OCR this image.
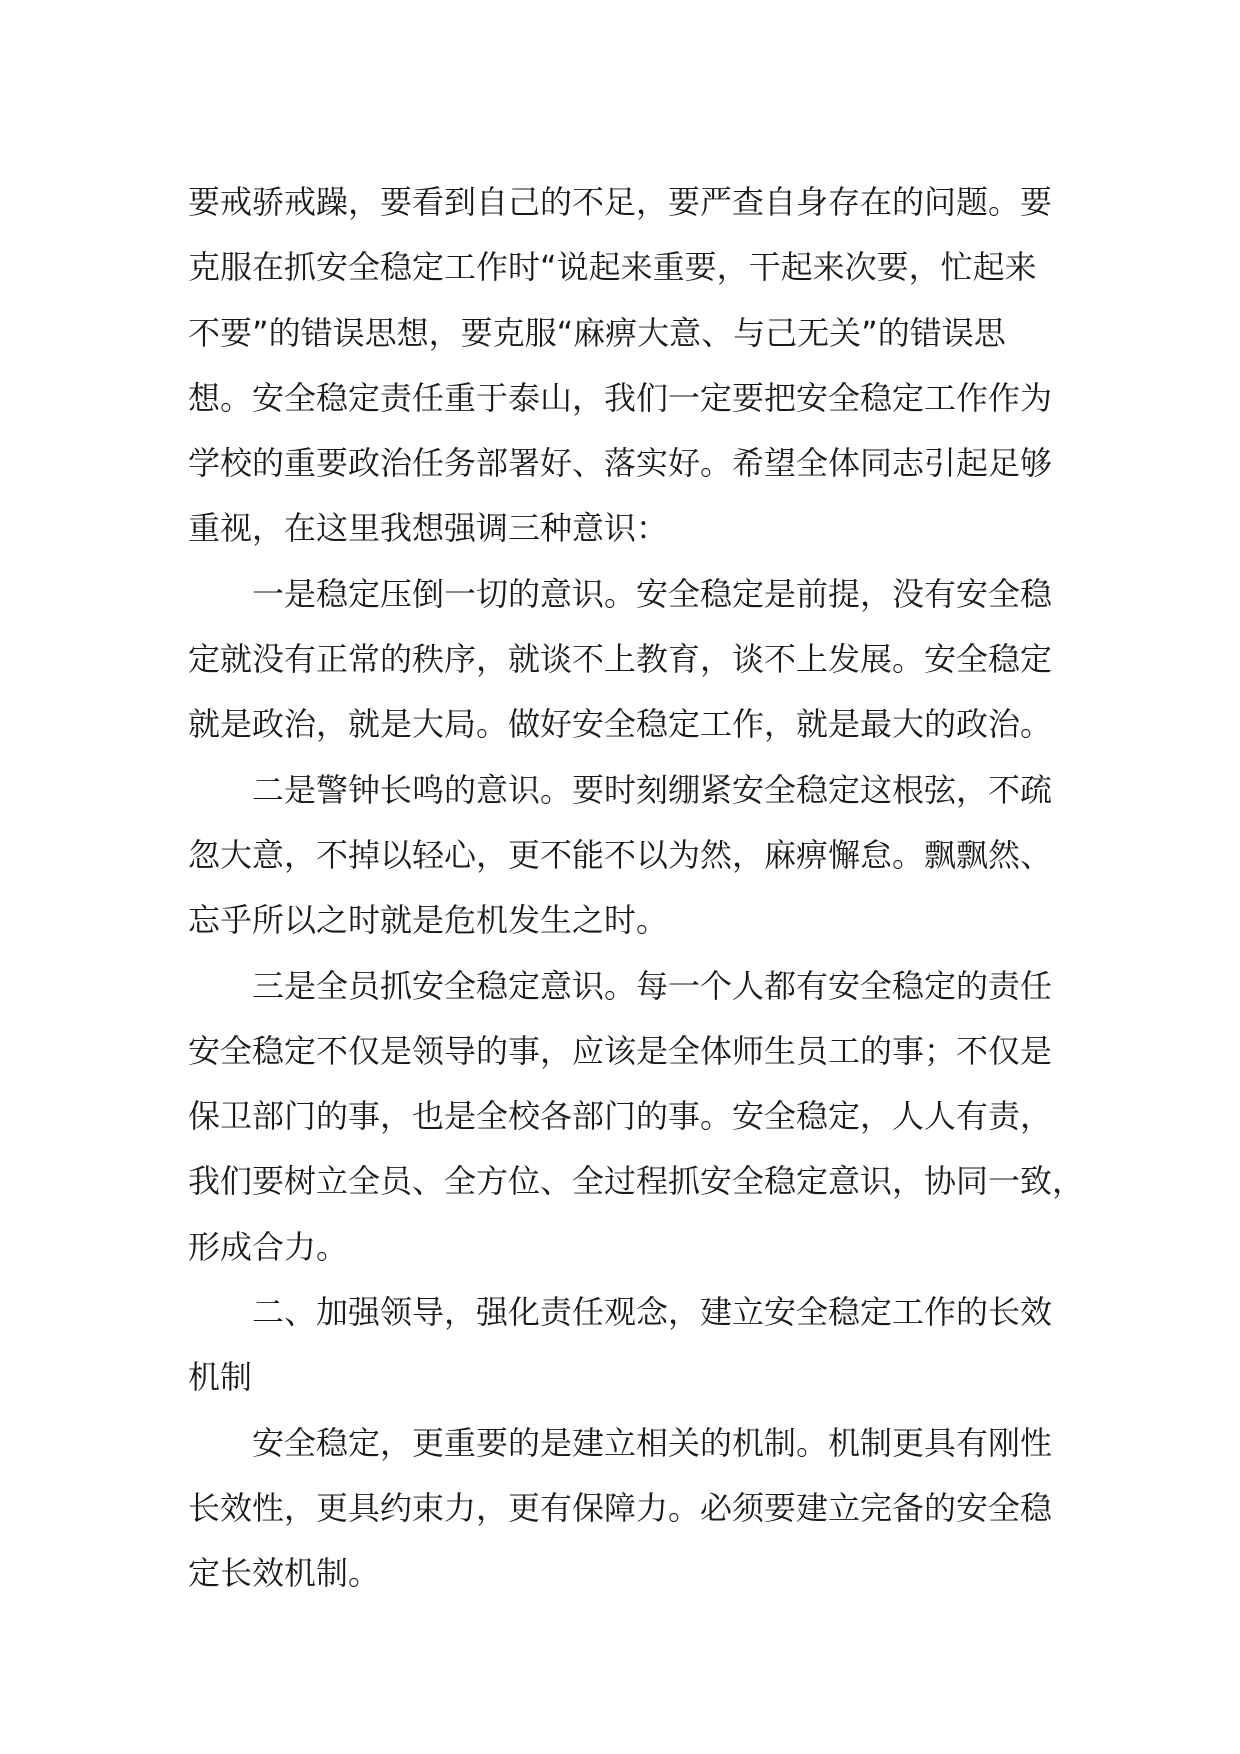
要戒骄戒躁，要看到自己的不足，要严查自身存在的问题。要
克服在抓安全稳定工作时“说起来重要，干起来次要，忙起来
不要”的错误思想，要克服“麻痹大意、与己无关”的错误思
想。安全稳定责任重于泰山，我们一定要把安全稳定工作作为
学校的重要政治任务部署好、落实好。希望全体同志引起足够
重视，在这里我想强调三种意识：
一是稳定压倒一切的意识。安全稳定是前提，没有安全稳
定就没有正常的秩序，就谈不上教育，谈不上发展。安全稳定
就是政治，就是大局。做好安全稳定工作，就是最大的政治。
二是警钟长鸣的意识。要时刻绷紧安全稳定这根弦，不疏
忽大意，不掉以轻心，更不能不以为然，麻痹懈怠。飘飘然、
忘乎所以之时就是危机发生之时。
三是全员抓安全稳定意识。每一个人都有安全稳定的责任
安全稳定不仅是领导的事，应该是全体师生员工的事；不仅是
保卫部门的事，也是全校各部门的事。安全稳定，人人有责，
我们要树立全员、全方位、全过程抓安全稳定意识，协同一致，
形成合力。
二、加强领导，强化责任观念，建立安全稳定工作的长效
机制
安全稳定，更重要的是建立相关的机制。机制更具有刚性
长效性，更具约束力，更有保障力。必须要建立完备的安全稳
定长效机制。
